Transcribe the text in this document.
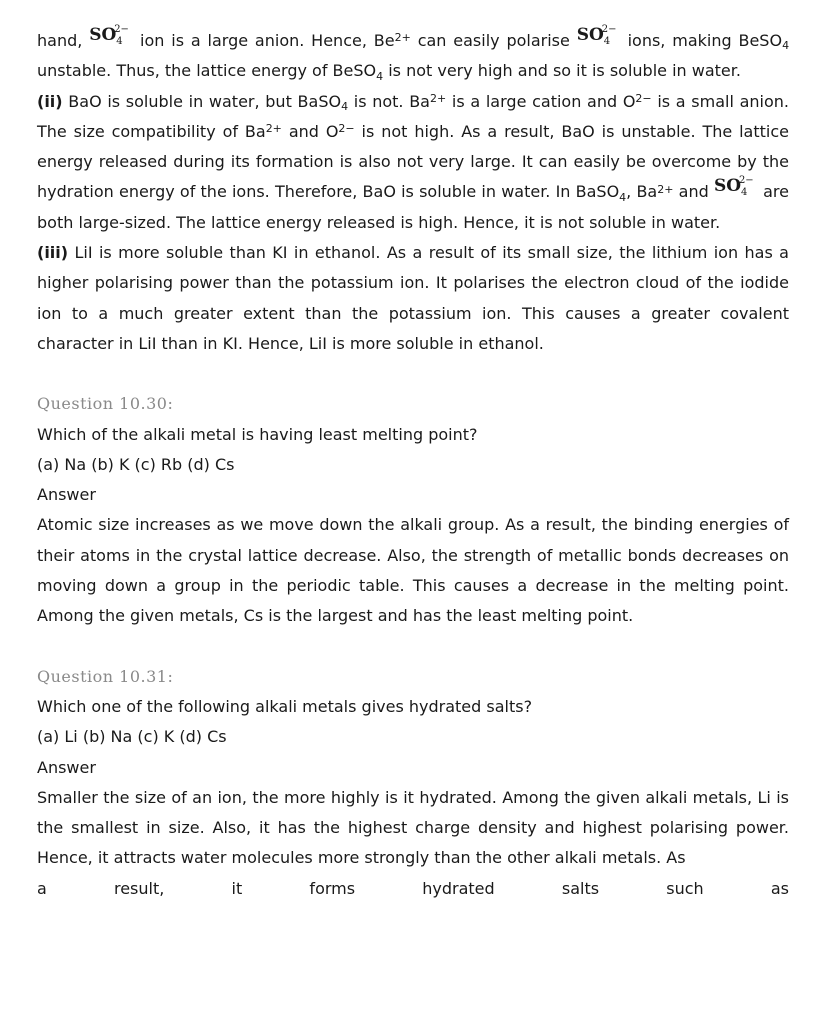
hand, SO
2−
4 ion is a large anion. Hence, $Be^{2+}$ can easily polarise SO
2−
4 ions, making BeSO$_4$ unstable. Thus, the lattice energy of BeSO$_4$ is not very high and so it is soluble in water.

(ii) BaO is soluble in water, but BaSO$_4$ is not. $Ba^{2+}$ is a large cation and $O^{2-}$ is a small anion. The size compatibility of $Ba^{2+}$ and $O^{2-}$ is not high. As a result, BaO is unstable. The lattice energy released during its formation is also not very large. It can easily be overcome by the hydration energy of the ions. Therefore, BaO is soluble in water. In BaSO$_4$, $Ba^{2+}$ and SO
2−
4 are both large-sized. The lattice energy released is high. Hence, it is not soluble in water.

(iii) LiI is more soluble than KI in ethanol. As a result of its small size, the lithium ion has a higher polarising power than the potassium ion. It polarises the electron cloud of the iodide ion to a much greater extent than the potassium ion. This causes a greater covalent character in LiI than in KI. Hence, LiI is more soluble in ethanol.

Question 10.30:

Which of the alkali metal is having least melting point?

(a) Na (b) K (c) Rb (d) Cs

Answer

Atomic size increases as we move down the alkali group. As a result, the binding energies of their atoms in the crystal lattice decrease. Also, the strength of metallic bonds decreases on moving down a group in the periodic table. This causes a decrease in the melting point. Among the given metals, Cs is the largest and has the least melting point.

Question 10.31:

Which one of the following alkali metals gives hydrated salts?

(a) Li (b) Na (c) K (d) Cs

Answer

Smaller the size of an ion, the more highly is it hydrated. Among the given alkali metals, Li is the smallest in size. Also, it has the highest charge density and highest polarising power. Hence, it attracts water molecules more strongly than the other alkali metals. As

a result, it forms hydrated salts such as
